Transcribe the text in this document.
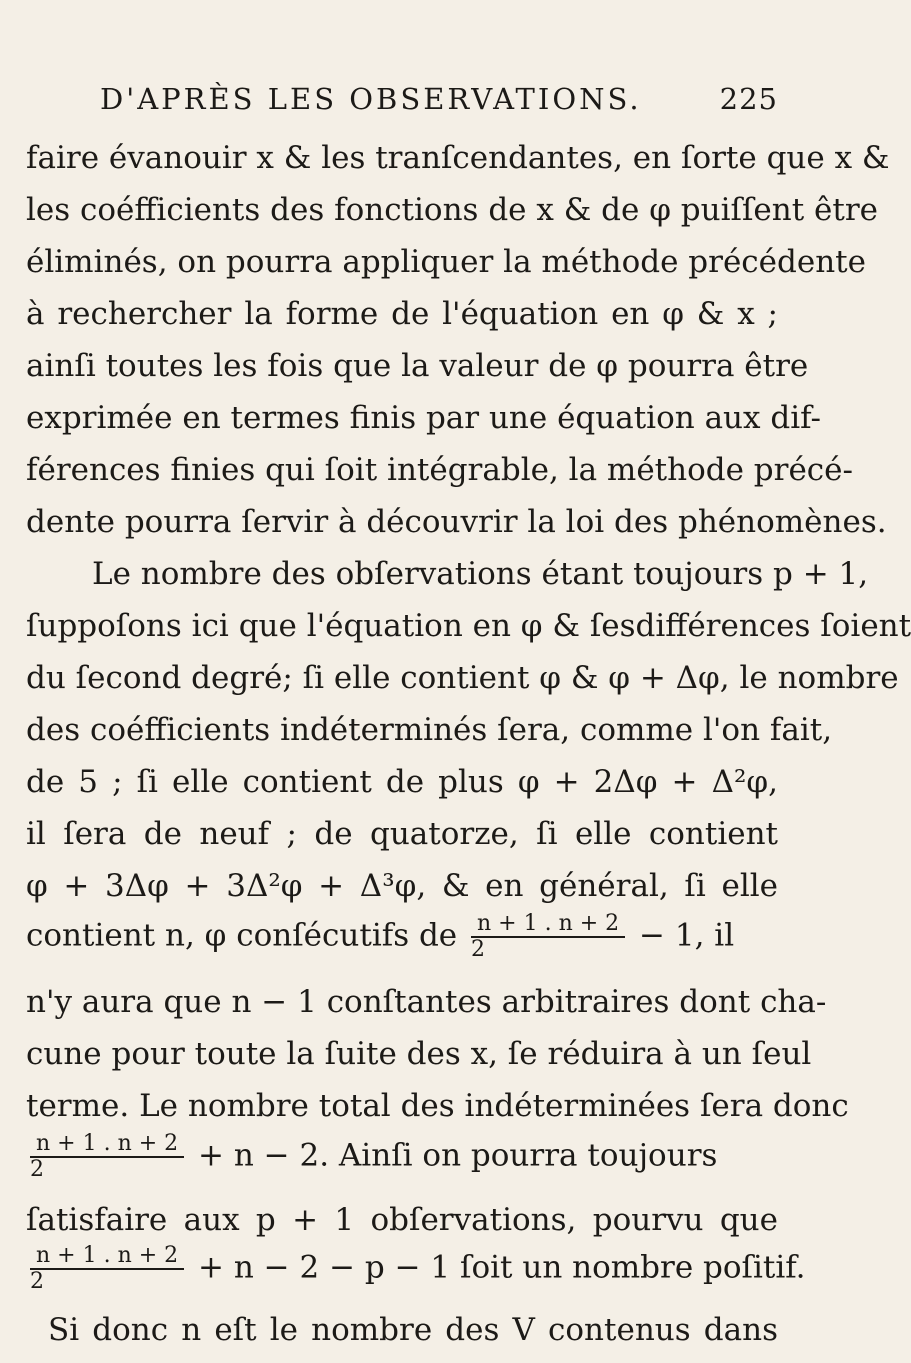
D'APRÈS LES OBSERVATIONS.	225
faire évanouir x & les tranſcendantes, en ſorte que x &
les coéfficients des fonctions de x & de φ puiſſent être
éliminés, on pourra appliquer la méthode précédente
à rechercher la forme de l'équation en φ & x ;
ainſi toutes les fois que la valeur de φ pourra être
exprimée en termes finis par une équation aux dif-
férences finies qui ſoit intégrable, la méthode précé-
dente pourra ſervir à découvrir la loi des phénomènes.
Le nombre des obſervations étant toujours p + 1,
ſuppoſons ici que l'équation en φ & ſesdifférences ſoient
du ſecond degré; ſi elle contient φ & φ + Δφ, le nombre
des coéfficients indéterminés ſera, comme l'on fait,
de 5 ; ſi elle contient de plus φ + 2Δφ + Δ²φ,
il ſera de neuf ; de quatorze, ſi elle contient
φ + 3Δφ + 3Δ²φ + Δ³φ, & en général, ſi elle
contient n, φ conſécutifs de $\frac{n + 1 . n + 2}{2} - 1$, il
n'y aura que n − 1 conſtantes arbitraires dont cha-
cune pour toute la ſuite des x, ſe réduira à un ſeul
terme. Le nombre total des indéterminées ſera donc
$\frac{n + 1 . n + 2}{2} + n - 2$. Ainſi on pourra toujours
ſatisfaire aux p + 1 obſervations, pourvu que
$\frac{n + 1 . n + 2}{2} + n - 2 - p - 1$ ſoit un nombre poſitif.
Si donc n eſt le nombre des V contenus dans
